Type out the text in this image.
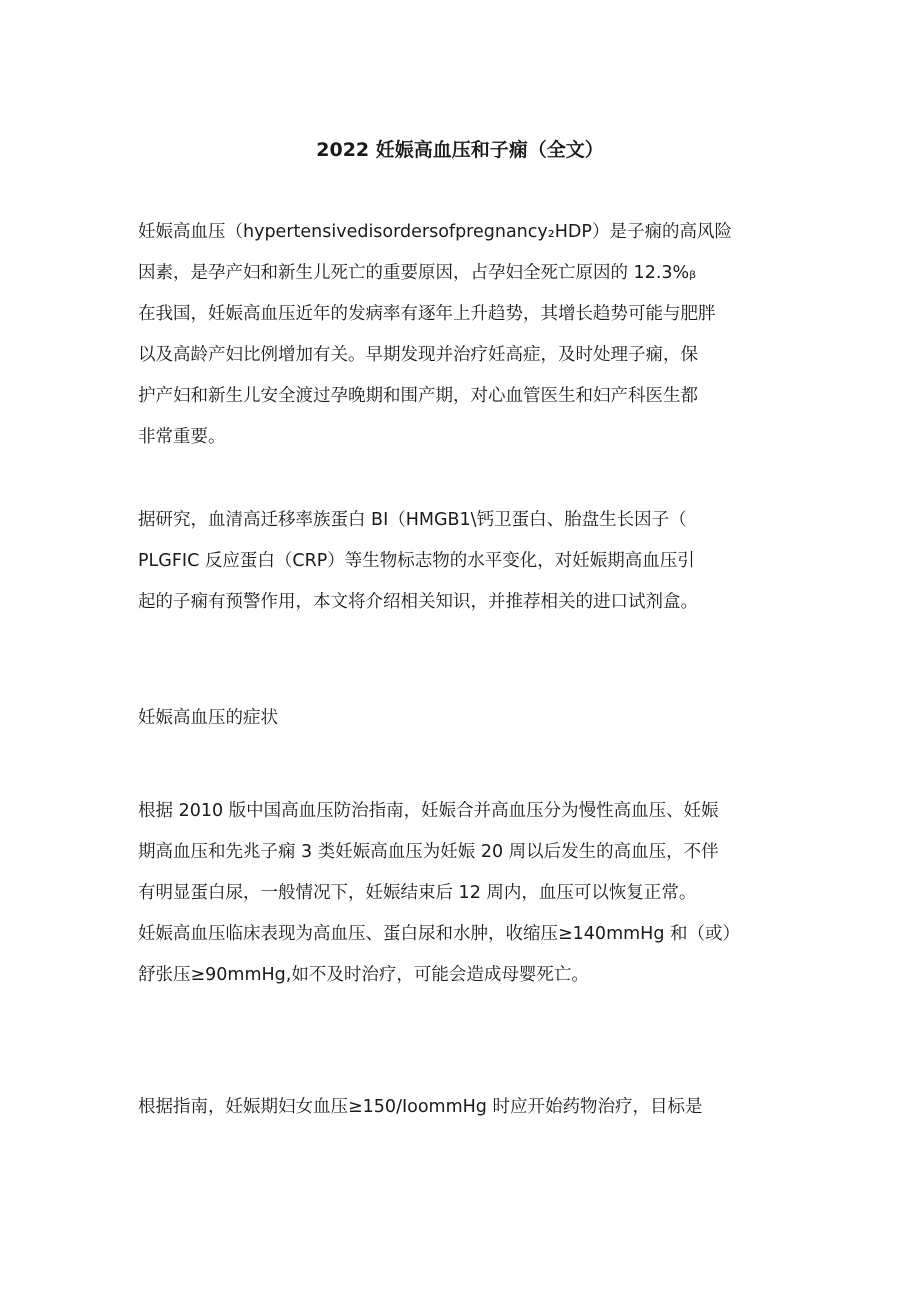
2022 妊娠高血压和子痫（全文）

妊娠高血压（hypertensivedisordersofpregnancy₂HDP）是子痫的高风险
因素，是孕产妇和新生儿死亡的重要原因，占孕妇全死亡原因的 12.3%ᵦ
在我国，妊娠高血压近年的发病率有逐年上升趋势，其增长趋势可能与肥胖
以及高龄产妇比例增加有关。早期发现并治疗妊高症，及时处理子痫，保
护产妇和新生儿安全渡过孕晚期和围产期，对心血管医生和妇产科医生都
非常重要。

据研究，血清高迁移率族蛋白 BI（HMGB1\钙卫蛋白、胎盘生长因子（
PLGFIC 反应蛋白（CRP）等生物标志物的水平变化，对妊娠期高血压引
起的子痫有预警作用，本文将介绍相关知识，并推荐相关的进口试剂盒。

妊娠高血压的症状

根据 2010 版中国高血压防治指南，妊娠合并高血压分为慢性高血压、妊娠
期高血压和先兆子痫 3 类妊娠高血压为妊娠 20 周以后发生的高血压，不伴
有明显蛋白尿，一般情况下，妊娠结束后 12 周内，血压可以恢复正常。
妊娠高血压临床表现为高血压、蛋白尿和水肿，收缩压≥140mmHg 和（或）
舒张压≥90mmHg,如不及时治疗，可能会造成母婴死亡。

根据指南，妊娠期妇女血压≥150/IoommHg 时应开始药物治疗，目标是
